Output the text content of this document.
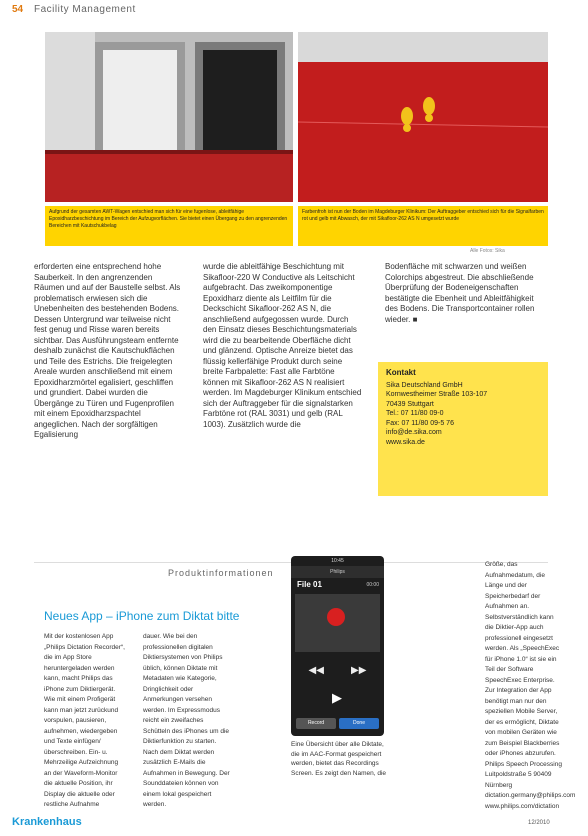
54 Facility Management
Aufgrund der gesamten AWT-Wagen entschied man sich für eine fugenlose, ableitfähige Epoxidharzbeschichtung im Bereich der Aufzugvorflächen. Sie bietet einen Übergang zu den angrenzenden Bereichen mit Kautschukbelag
Farbenfroh ist nun der Boden im Magdeburger Klinikum: Der Auftraggeber entschied sich für die Signalfarben rot und gelb mit Abwasch, der mit Sikafloor-262 AS N umgesetzt wurde
Alle Fotos: Sika

erforderten eine entsprechend hohe Sauberkeit. In den angrenzenden Räumen und auf der Baustelle selbst. Als problematisch erwiesen sich die Unebenheiten des bestehenden Bodens. Dessen Untergrund war teilweise nicht fest genug und Risse waren bereits sichtbar. Das Ausführungsteam entfernte deshalb zunächst die Kautschukflächen und Teile des Estrichs. Die freigelegten Areale wurden anschließend mit einem Epoxidharzmörtel egalisiert, geschliffen und grundiert. Dabei wurden die Übergänge zu Türen und Fugenprofilen mit einem Epoxidharzspachtel angeglichen. Nach der sorgfältigen Egalisierung

wurde die ableitfähige Beschichtung mit Sikafloor-220 W Conductive als Leitschicht aufgebracht. Das zweikomponentige Epoxidharz diente als Leitfilm für die Deckschicht Sikafloor-262 AS N, die anschließend aufgegossen wurde. Durch den Einsatz dieses Beschichtungsmaterials wird die zu bearbeitende Oberfläche dicht und glänzend. Optische Anreize bietet das flüssig kellerfähige Produkt durch seine breite Farbpalette: Fast alle Farbtöne können mit Sikafloor-262 AS N realisiert werden. Im Magdeburger Klinikum entschied sich der Auftraggeber für die signalstarken Farbtöne rot (RAL 3031) und gelb (RAL 1003). Zusätzlich wurde die

Bodenfläche mit schwarzen und weißen Colorchips abgestreut. Die abschließende Überprüfung der Bodeneigenschaften bestätigte die Ebenheit und Ableitfähigkeit des Bodens. Die Transportcontainer rollen wieder. ■

Kontakt
Sika Deutschland GmbH
Kornwestheimer Straße 103-107
70439 Stuttgart
Tel.: 07 11/80 09-0
Fax: 07 11/80 09-5 76
info@de.sika.com
www.sika.de
Produktinformationen
Neues App – iPhone zum Diktat bitte

Mit der kostenlosen App „Philips Dictation Recorder“, die im App Store heruntergeladen werden kann, macht Philips das iPhone zum Diktiergerät. Wie mit einem Profigerät kann man jetzt zurückund vorspulen, pausieren, aufnehmen, wiedergeben und Texte einfügen/überschreiben. Ein- u. Mehrzeilige Aufzeichnung an der Waveform-Monitor die aktuelle Position, ihr Display die aktuelle oder restliche Aufnahme

dauer. Wie bei den professionellen digitalen Diktiersystemen von Philips üblich, können Diktate mit Metadaten wie Kategorie, Dringlichkeit oder Anmerkungen versehen werden. Im Expressmodus reicht ein zweifaches Schütteln des iPhones um die Diktierfunktion zu starten. Nach dem Diktat werden zusätzlich E-Mails die Aufnahmen in Bewegung. Der Sounddateien können von einem lokal gespeichert werden.

10:45
Philips
File 01	00:00
◀◀	▶▶
▶
Record	Done
Eine Übersicht über alle Diktate, die im AAC-Format gespeichert werden, bietet das Recordings Screen. Es zeigt den Namen, die

Größe, das Aufnahmedatum, die Länge und der Speicherbedarf der Aufnahmen an. Selbstverständlich kann die Diktier-App auch professionell eingesetzt werden. Als „SpeechExec für iPhone 1.0“ ist sie ein Teil der Software SpeechExec Enterprise. Zur Integration der App benötigt man nur den speziellen Mobile Server, der es ermöglicht, Diktate von mobilen Geräten wie zum Beispiel Blackberries oder iPhones abzurufen. Philips Speech Processing Luitpoldstraße 5 90409 Nürnberg dictation.germany@philips.com www.philips.com/dictation

Krankenhaus	12/2010
